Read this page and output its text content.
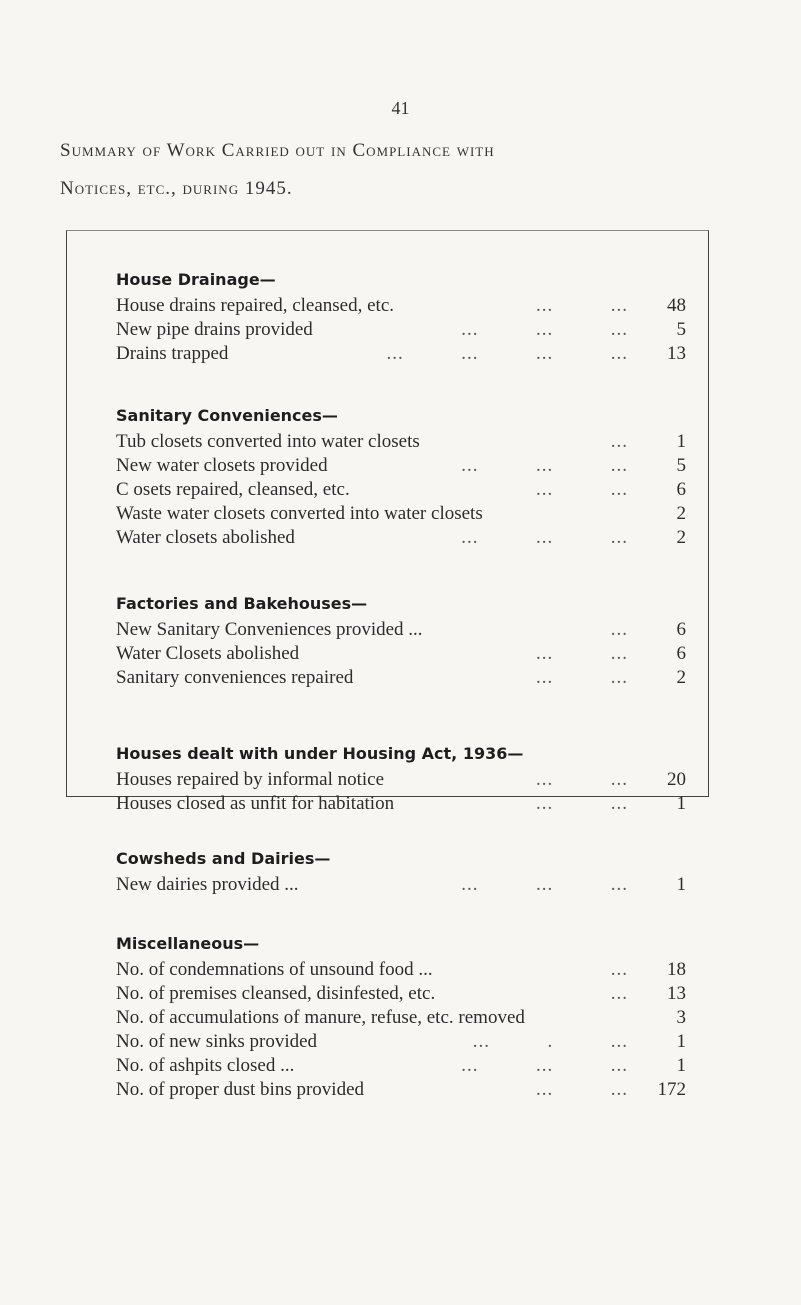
41
Summary of Work Carried out in Compliance with
Notices, etc., during 1945.
House Drainage—
House drains repaired, cleansed, etc.	...          ...	48
New pipe drains provided	...          ...          ...	5
Drains trapped	...          ...          ...          ...	13
Sanitary Conveniences—
Tub closets converted into water closets	...	1
New water closets provided	...          ...          ...	5
C osets repaired, cleansed, etc.	...          ...	6
Waste water closets converted into water closets	2
Water closets abolished	...          ...          ...	2
Factories and Bakehouses—
New Sanitary Conveniences provided ...	...	6
Water Closets abolished	...          ...	6
Sanitary conveniences repaired	...          ...	2
Houses dealt with under Housing Act, 1936—
Houses repaired by informal notice	...          ...	20
Houses closed as unfit for habitation	...          ...	1
Cowsheds and Dairies—
New dairies provided ...	...          ...          ...	1
Miscellaneous—
No. of condemnations of unsound food ...	...	18
No. of premises cleansed, disinfested, etc.	...	13
No. of accumulations of manure, refuse, etc. removed	3
No. of new sinks provided	...          .          ...	1
No. of ashpits closed ...	...          ...          ...	1
No. of proper dust bins provided	...          ...	172
